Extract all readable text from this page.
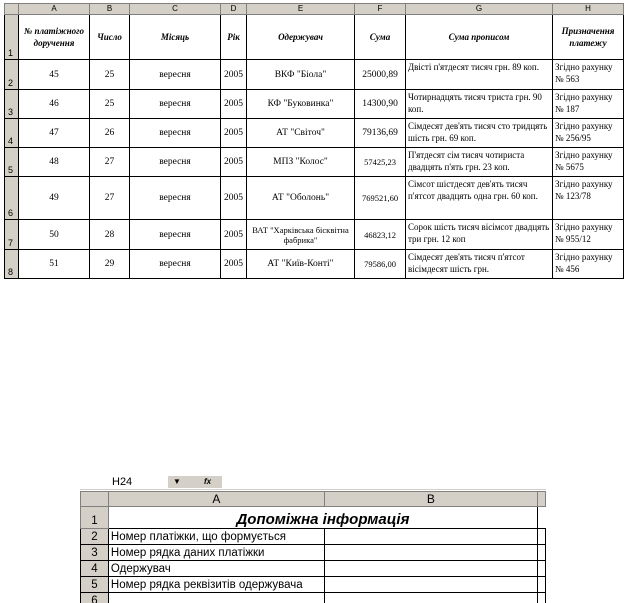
	A	B	C	D	E	F	G	H
1	№ платіжного доручення	Число	Місяць	Рік	Одержувач	Сума	Сума прописом	Призначення платежу
2	45	25	вересня	2005	ВКФ "Біола"	25000,89	Двісті п'ятдесят тисяч грн. 89 коп.	Згідно рахунку № 563
3	46	25	вересня	2005	КФ "Буковинка"	14300,90	Чотирнадцять тисяч триста грн. 90 коп.	Згідно рахунку № 187
4	47	26	вересня	2005	АТ "Світоч"	79136,69	Сімдесят дев'ять тисяч сто тридцять шість грн. 69 коп.	Згідно рахунку № 256/95
5	48	27	вересня	2005	МПЗ "Колос"	57425,23	П'ятдесят сім тисяч чотириста двадцять п'ять грн. 23 коп.	Згідно рахунку № 5675
6	49	27	вересня	2005	АТ "Оболонь"	769521,60	Сімсот шістдесят дев'ять тисяч п'ятсот двадцять одна грн. 60 коп.	Згідно рахунку № 123/78
7	50	28	вересня	2005	ВАТ "Харківська бісквітна фабрика"	46823,12	Сорок шість тисяч вісімсот двадцять три грн. 12 коп	Згідно рахунку № 955/12
8	51	29	вересня	2005	АТ "Київ-Конті"	79586,00	Сімдесят дев'ять тисяч п'ятсот вісімдесят шість грн.	Згідно рахунку № 456
H24	▼	fx
	A	B	
1	Допоміжна інформація		
2	Номер платіжки, що формується		
3	Номер рядка даних платіжки		
4	Одержувач		
5	Номер рядка реквізитів одержувача		
6			
